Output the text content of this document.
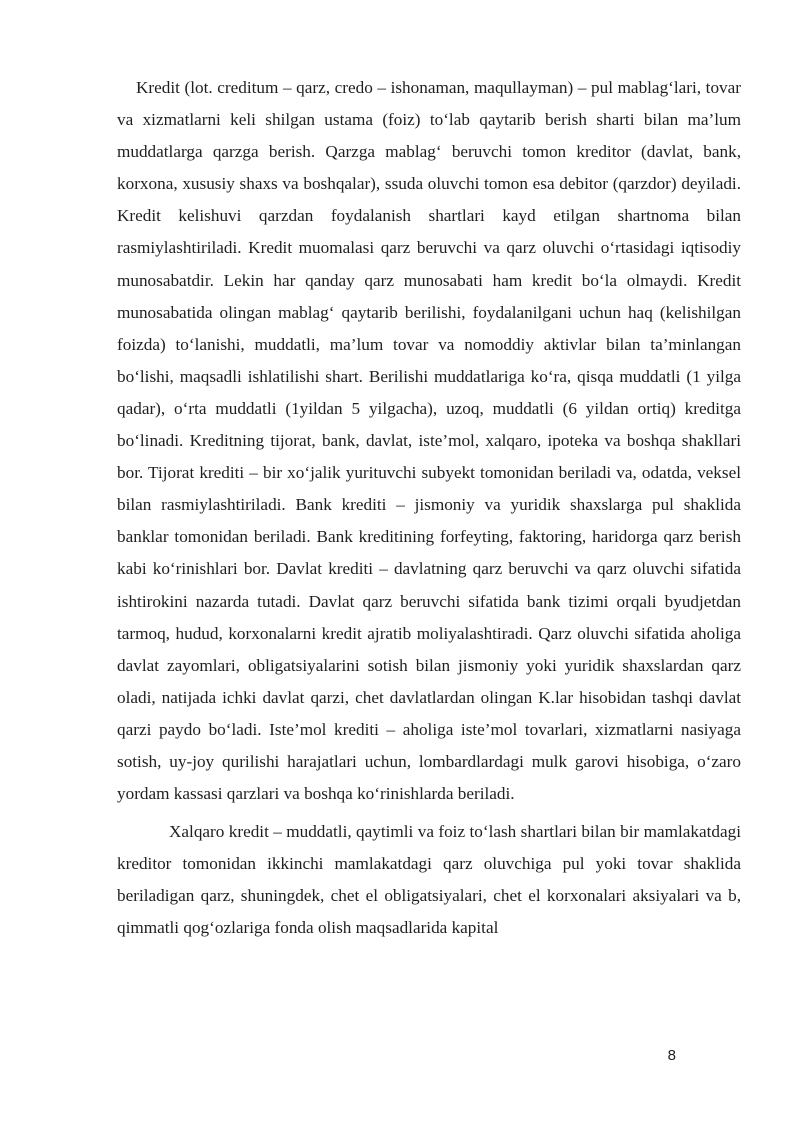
Kredit (lot. creditum – qarz, credo – ishonaman, maqullayman) – pul mablag‘lari, tovar va xizmatlarni keli shilgan ustama (foiz) to‘lab qaytarib berish sharti bilan ma’lum muddatlarga qarzga berish. Qarzga mablag‘ beruvchi tomon kreditor (davlat, bank, korxona, xususiy shaxs va boshqalar), ssuda oluvchi tomon esa debitor (qarzdor) deyiladi. Kredit kelishuvi qarzdan foydalanish shartlari kayd etilgan shartnoma bilan rasmiylashtiriladi. Kredit muomalasi qarz beruvchi va qarz oluvchi o‘rtasidagi iqtisodiy munosabatdir. Lekin har qanday qarz munosabati ham kredit bo‘la olmaydi. Kredit munosabatida olingan mablag‘ qaytarib berilishi, foydalanilgani uchun haq (kelishilgan foizda) to‘lanishi, muddatli, ma’lum tovar va nomoddiy aktivlar bilan ta’minlangan bo‘lishi, maqsadli ishlatilishi shart. Berilishi muddatlariga ko‘ra, qisqa muddatli (1 yilga qadar), o‘rta muddatli (1yildan 5 yilgacha), uzoq, muddatli (6 yildan ortiq) kreditga bo‘linadi. Kreditning tijorat, bank, davlat, iste’mol, xalqaro, ipoteka va boshqa shakllari bor. Tijorat krediti – bir xo‘jalik yurituvchi subyekt tomonidan beriladi va, odatda, veksel bilan rasmiylashtiriladi. Bank krediti – jismoniy va yuridik shaxslarga pul shaklida banklar tomonidan beriladi. Bank kreditining forfeyting, faktoring, haridorga qarz berish kabi ko‘rinishlari bor. Davlat krediti – davlatning qarz beruvchi va qarz oluvchi sifatida ishtirokini nazarda tutadi. Davlat qarz beruvchi sifatida bank tizimi orqali byudjetdan tarmoq, hudud, korxonalarni kredit ajratib moliyalashtiradi. Qarz oluvchi sifatida aholiga davlat zayomlari, obligatsiyalarini sotish bilan jismoniy yoki yuridik shaxslardan qarz oladi, natijada ichki davlat qarzi, chet davlatlardan olingan K.lar hisobidan tashqi davlat qarzi paydo bo‘ladi. Iste’mol krediti – aholiga iste’mol tovarlari, xizmatlarni nasiyaga sotish, uy-joy qurilishi harajatlari uchun, lombardlardagi mulk garovi hisobiga, o‘zaro yordam kassasi qarzlari va boshqa ko‘rinishlarda beriladi.

Xalqaro kredit – muddatli, qaytimli va foiz to‘lash shartlari bilan bir mamlakatdagi kreditor tomonidan ikkinchi mamlakatdagi qarz oluvchiga pul yoki tovar shaklida beriladigan qarz, shuningdek, chet el obligatsiyalari, chet el korxonalari aksiyalari va b, qimmatli qog‘ozlariga fonda olish maqsadlarida kapital

8
